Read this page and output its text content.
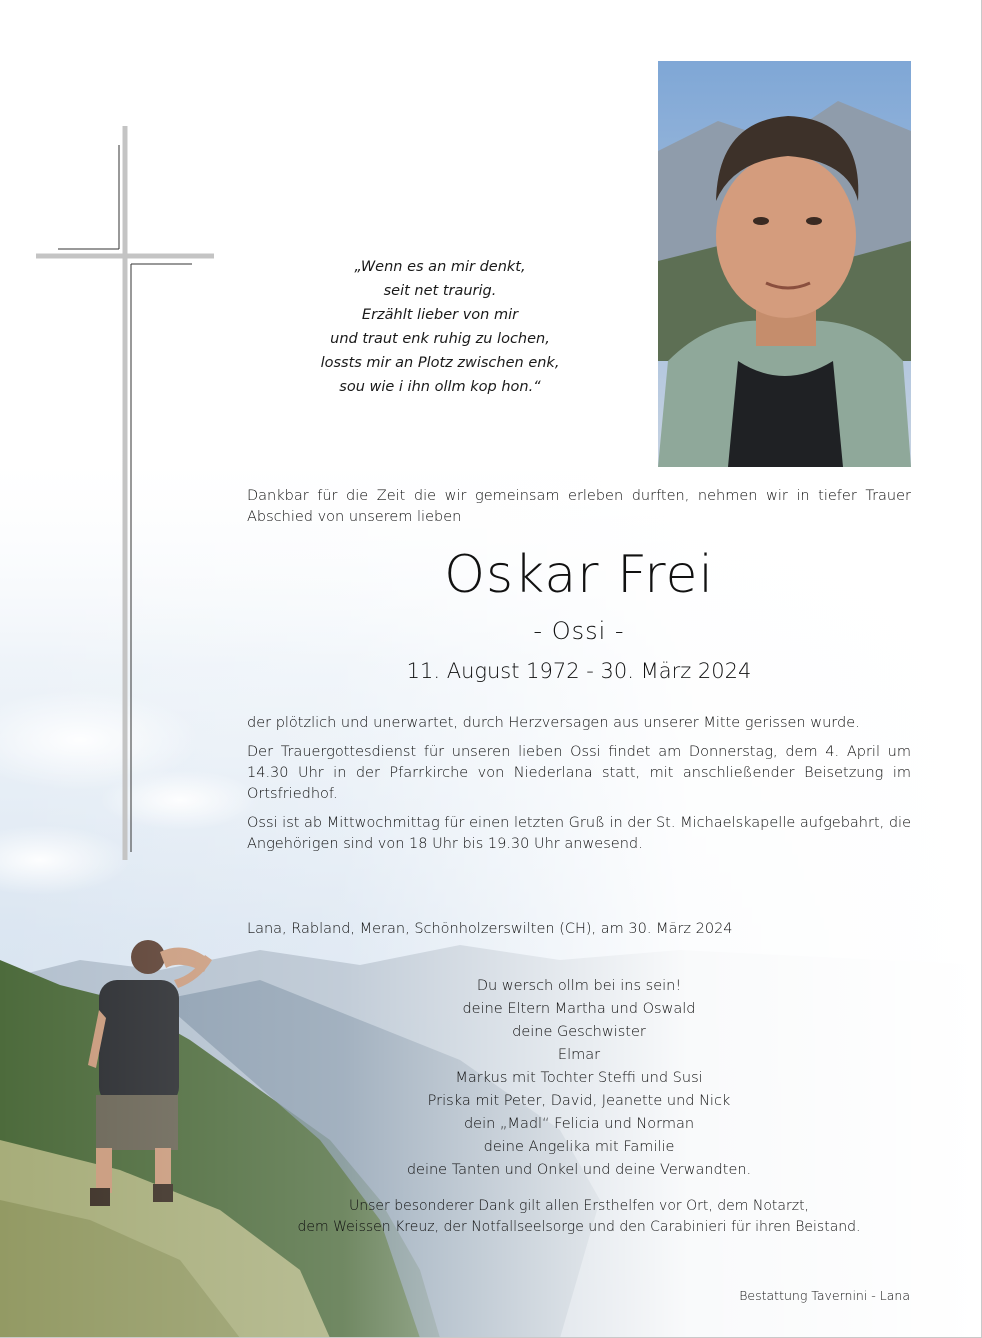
„Wenn es an mir denkt,
seit net traurig.
Erzählt lieber von mir
und traut enk ruhig zu lochen,
lossts mir an Plotz zwischen enk,
sou wie i ihn ollm kop hon.“
Dankbar für die Zeit die wir gemeinsam erleben durften, nehmen wir in tiefer Trauer Abschied von unserem lieben
Oskar Frei
- Ossi -
11. August 1972 - 30. März 2024

der plötzlich und unerwartet, durch Herzversagen aus unserer Mitte gerissen wurde.

Der Trauergottesdienst für unseren lieben Ossi findet am Donnerstag, dem 4. April um 14.30 Uhr in der Pfarrkirche von Niederlana statt, mit anschließender Beisetzung im Ortsfriedhof.

Ossi ist ab Mittwochmittag für einen letzten Gruß in der St. Michaelskapelle aufgebahrt, die Angehörigen sind von 18 Uhr bis 19.30 Uhr anwesend.

Lana, Rabland, Meran, Schönholzerswilten (CH), am 30. März 2024
Du wersch ollm bei ins sein!
deine Eltern Martha und Oswald
deine Geschwister
Elmar
Markus mit Tochter Steffi und Susi
Priska mit Peter, David, Jeanette und Nick
dein „Madl“ Felicia und Norman
deine Angelika mit Familie
deine Tanten und Onkel und deine Verwandten.
Unser besonderer Dank gilt allen Ersthelfen vor Ort, dem Notarzt,
dem Weissen Kreuz, der Notfallseelsorge und den Carabinieri für ihren Beistand.
Bestattung Tavernini - Lana
